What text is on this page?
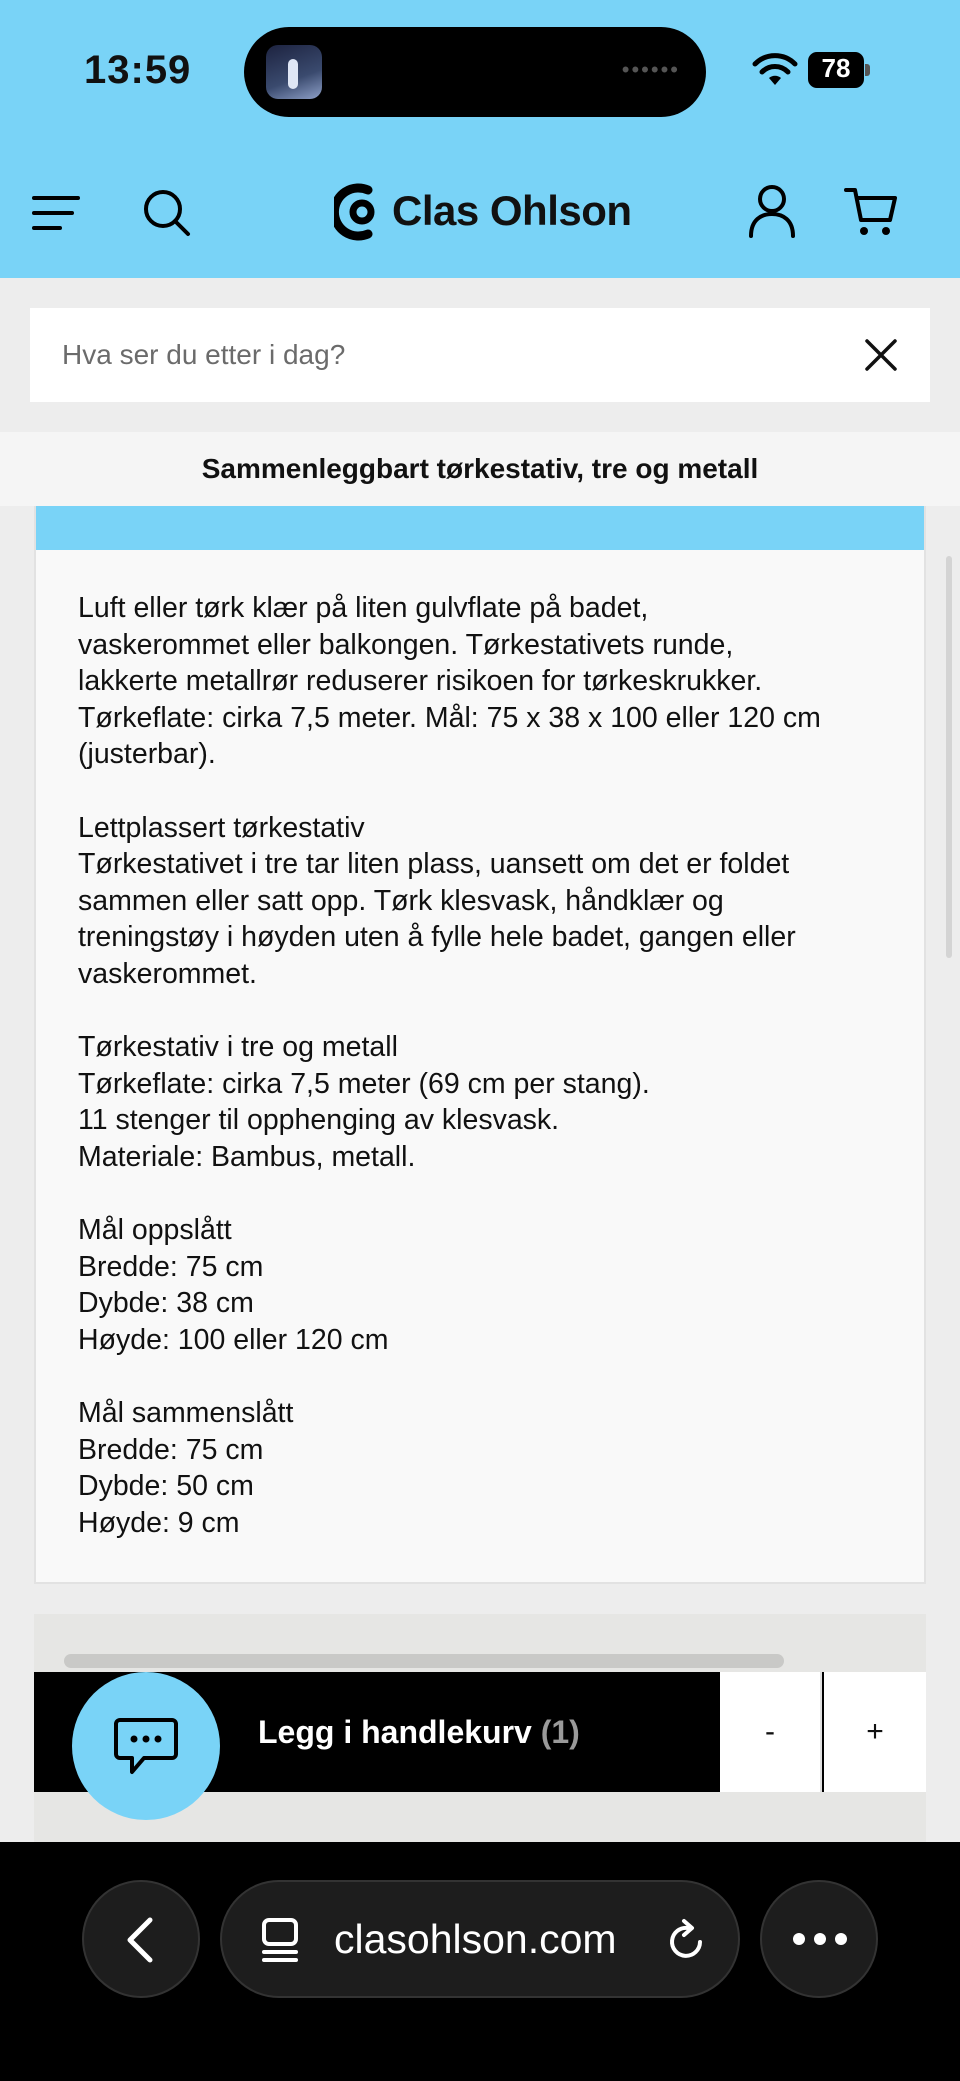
13:59	••••••	78
Clas Ohlson
Hva ser du etter i dag?
Sammenleggbart tørkestativ, tre og metall

Luft eller tørk klær på liten gulvflate på badet,
vaskerommet eller balkongen. Tørkestativets runde,
lakkerte metallrør reduserer risikoen for tørkeskrukker.
Tørkeflate: cirka 7,5 meter. Mål: 75 x 38 x 100 eller 120 cm
(justerbar).

Lettplassert tørkestativ
Tørkestativet i tre tar liten plass, uansett om det er foldet
sammen eller satt opp. Tørk klesvask, håndklær og
treningstøy i høyden uten å fylle hele badet, gangen eller
vaskerommet.

Tørkestativ i tre og metall
Tørkeflate: cirka 7,5 meter (69 cm per stang).
11 stenger til opphenging av klesvask.
Materiale: Bambus, metall.

Mål oppslått
Bredde: 75 cm
Dybde: 38 cm
Høyde: 100 eller 120 cm

Mål sammenslått
Bredde: 75 cm
Dybde: 50 cm
Høyde: 9 cm

Legg i handlekurv (1)	-	+
clasohlson.com
